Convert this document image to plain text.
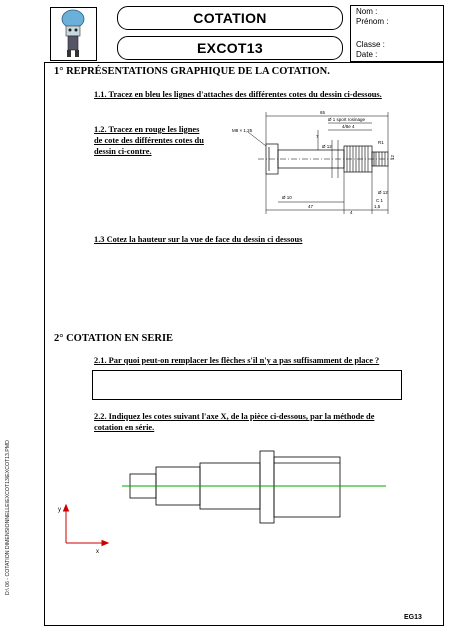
COTATION
EXCOT13
Nom :
Prénom :
Classe :
Date :
D:\ 06 - COTATION DIMENSIONNELLE\EXCOT13\EXCOT13.PMD
1° REPRÉSENTATIONS GRAPHIQUE DE LA COTATION.
1.1. Tracez en bleu les lignes d'attaches des différentes cotes du dessin ci-dessous.
1.2. Tracez en rouge les lignes de cote des différentes cotes du dessin ci-contre.
65
Ø 1 sport rosinage
4/8e 4
M8 × 1,25
7
Ø 12
Ø 10
12
47
4
1,5
R1
C 1
Ø 12
1.3 Cotez la hauteur sur la vue de face du dessin ci dessous
2° COTATION EN SERIE
2.1. Par quoi peut-on remplacer les flèches s'il n'y a pas suffisamment de place ?
2.2. Indiquez les cotes suivant l'axe X, de la pièce ci-dessous, par la méthode de cotation en série.
y
x
EG13
